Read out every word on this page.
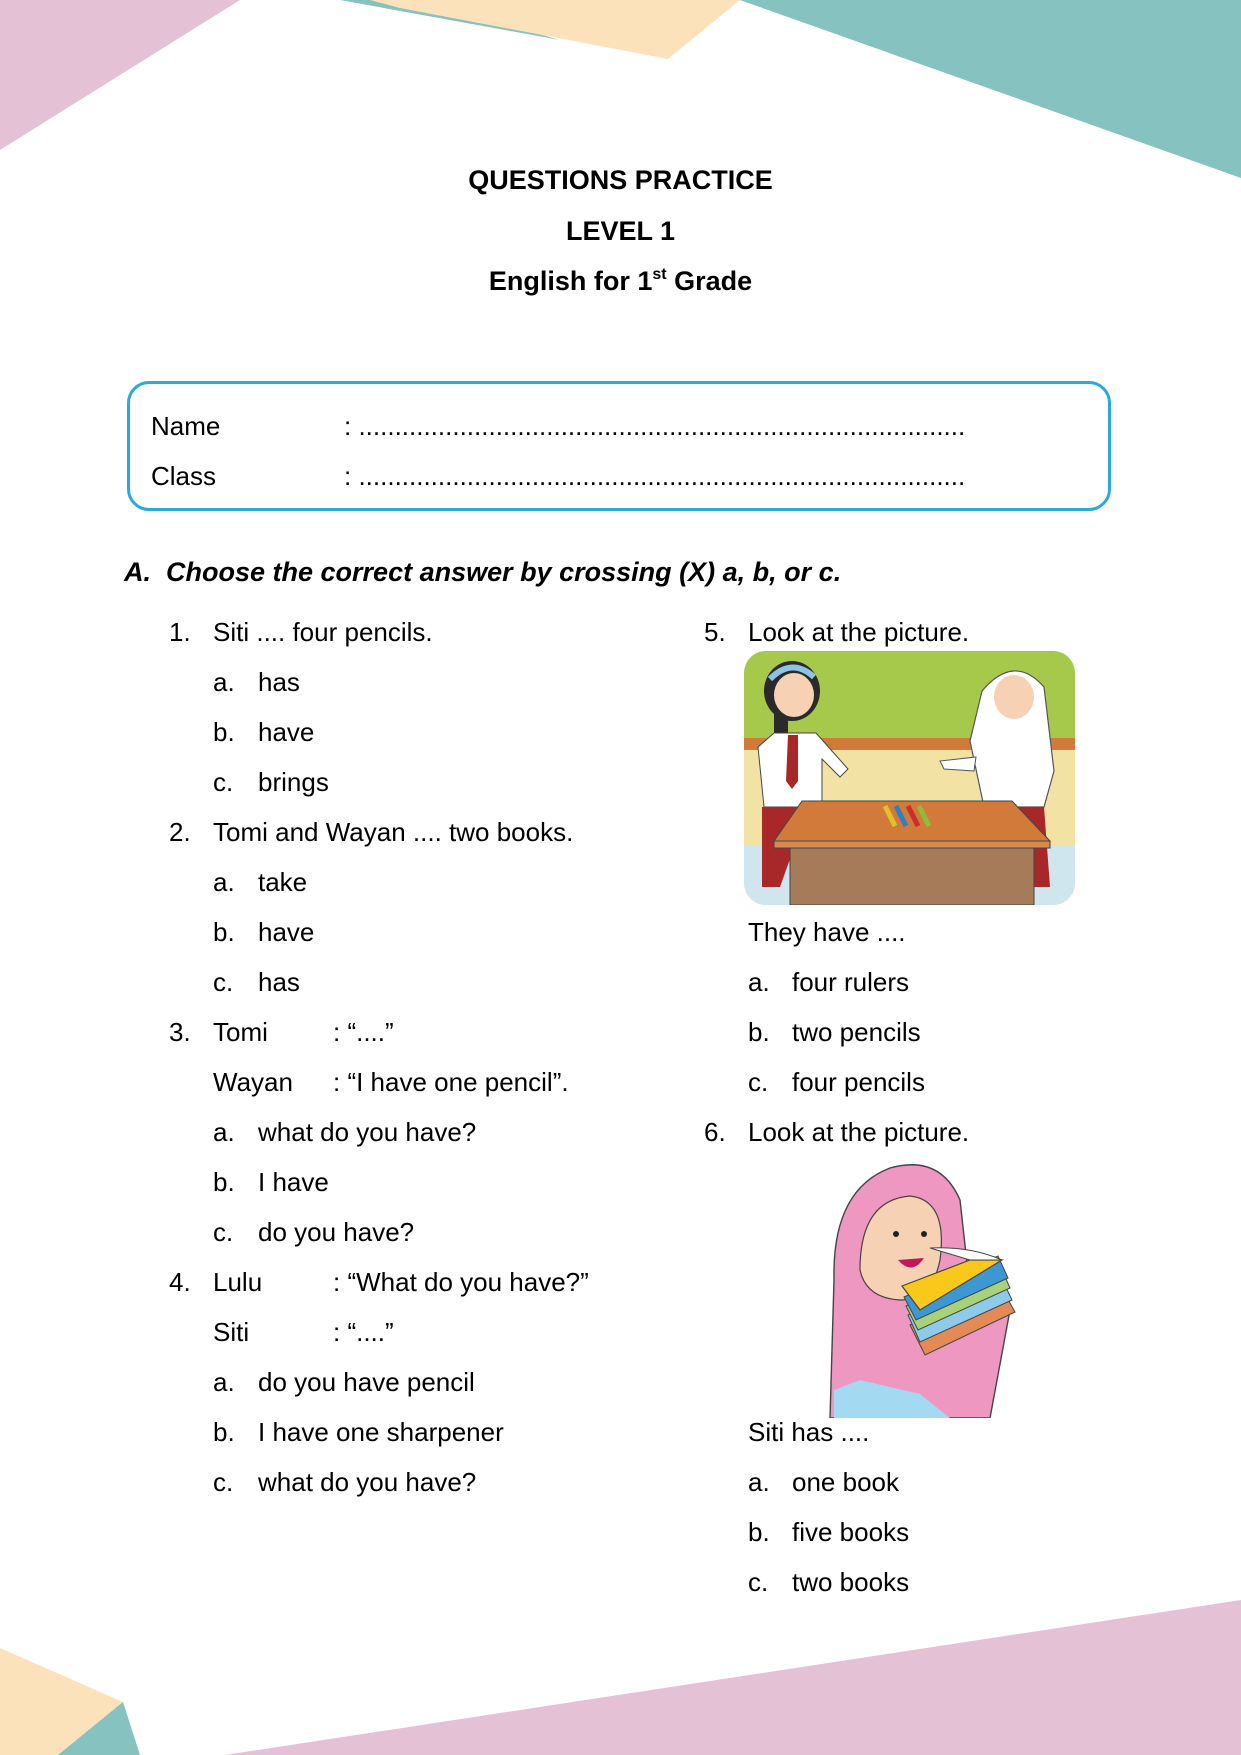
QUESTIONS PRACTICE
LEVEL 1
English for 1st Grade
Name	: ....................................................................................
Class	: ....................................................................................
A. Choose the correct answer by crossing (X) a, b, or c.
1. Siti .... four pencils.
a. has
b. have
c. brings
2. Tomi and Wayan .... two books.
a. take
b. have
c. has
3. Tomi	: “....”
Wayan : “I have one pencil”.
a. what do you have?
b. I have
c. do you have?
4. Lulu	: “What do you have?”
Siti	: “....”
a. do you have pencil
b. I have one sharpener
c. what do you have?
5. Look at the picture.
They have ....
a. four rulers
b. two pencils
c. four pencils
6. Look at the picture.
Siti has ....
a. one book
b. five books
c. two books
